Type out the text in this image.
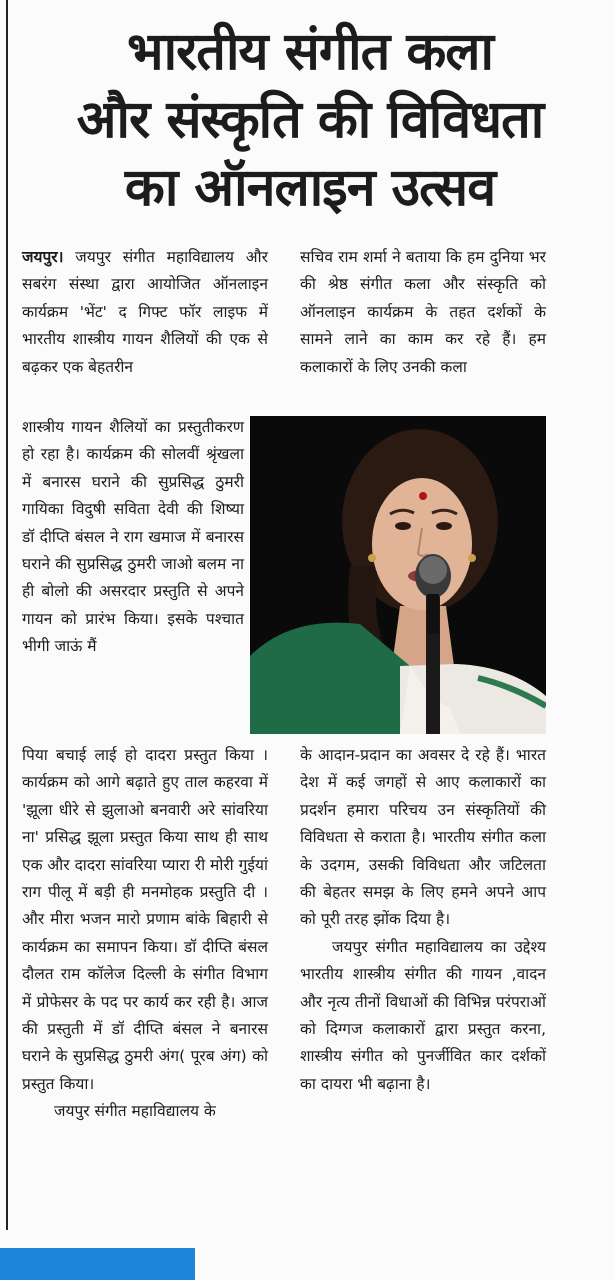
भारतीय संगीत कला
और संस्कृति की विविधता
का ऑनलाइन उत्सव

जयपुर। जयपुर संगीत महाविद्यालय और सबरंग संस्था द्वारा आयोजित ऑनलाइन कार्यक्रम 'भेंट' द गिफ्ट फॉर लाइफ में भारतीय शास्त्रीय गायन शैलियों की एक से बढ़कर एक बेहतरीन

शास्त्रीय गायन शैलियों का प्रस्तुतीकरण हो रहा है। कार्यक्रम की सोलवीं श्रृंखला में बनारस घराने की सुप्रसिद्ध ठुमरी गायिका विदुषी सविता देवी की शिष्या डॉ दीप्ति बंसल ने राग खमाज में बनारस घराने की सुप्रसिद्ध ठुमरी जाओ बलम ना ही बोलो की असरदार प्रस्तुति से अपने गायन को प्रारंभ किया। इसके पश्चात भीगी जाऊं मैं

पिया बचाई लाई हो दादरा प्रस्तुत किया । कार्यक्रम को आगे बढ़ाते हुए ताल कहरवा में 'झूला धीरे से झुलाओ बनवारी अरे सांवरिया ना' प्रसिद्ध झूला प्रस्तुत किया साथ ही साथ एक और दादरा सांवरिया प्यारा री मोरी गुईयां राग पीलू में बड़ी ही मनमोहक प्रस्तुति दी । और मीरा भजन मारो प्रणाम बांके बिहारी से कार्यक्रम का समापन किया। डॉ दीप्ति बंसल दौलत राम कॉलेज दिल्ली के संगीत विभाग में प्रोफेसर के पद पर कार्य कर रही है। आज की प्रस्तुती में डॉ दीप्ति बंसल ने बनारस घराने के सुप्रसिद्ध ठुमरी अंग( पूरब अंग) को प्रस्तुत किया।

जयपुर संगीत महाविद्यालय के

सचिव राम शर्मा ने बताया कि हम दुनिया भर की श्रेष्ठ संगीत कला और संस्कृति को ऑनलाइन कार्यक्रम के तहत दर्शकों के सामने लाने का काम कर रहे हैं। हम कलाकारों के लिए उनकी कला

के आदान-प्रदान का अवसर दे रहे हैं। भारत देश में कई जगहों से आए कलाकारों का प्रदर्शन हमारा परिचय उन संस्कृतियों की विविधता से कराता है। भारतीय संगीत कला के उदगम, उसकी विविधता और जटिलता की बेहतर समझ के लिए हमने अपने आप को पूरी तरह झोंक दिया है।

जयपुर संगीत महाविद्यालय का उद्देश्य भारतीय शास्त्रीय संगीत की गायन ,वादन और नृत्य तीनों विधाओं की विभिन्न परंपराओं को दिग्गज कलाकारों द्वारा प्रस्तुत करना, शास्त्रीय संगीत को पुनर्जीवित कार दर्शकों का दायरा भी बढ़ाना है।
